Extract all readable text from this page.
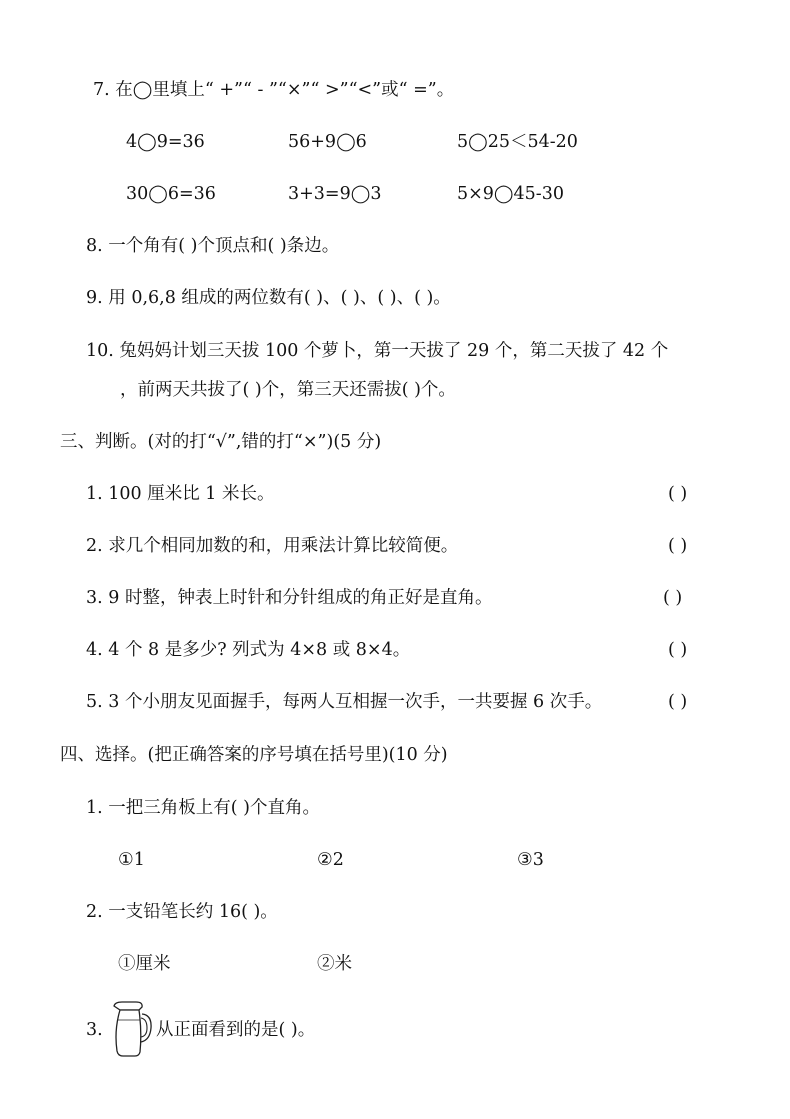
7. 在◯里填上“ +”“ - ”“×”“ >”“<”或“ =”。
4◯9=36	56+9◯6	5◯25＜54-20
30◯6=36	3+3=9◯3	5×9◯45-30
8. 一个角有( )个顶点和( )条边。
9. 用 0,6,8 组成的两位数有( )、( )、( )、( )。
10. 兔妈妈计划三天拔 100 个萝卜，第一天拔了 29 个，第二天拔了 42 个
，前两天共拔了( )个，第三天还需拔( )个。
三、判断。(对的打“√”,错的打“×”)(5 分)
1. 100 厘米比 1 米长。	( )
2. 求几个相同加数的和，用乘法计算比较简便。	( )
3. 9 时整，钟表上时针和分针组成的角正好是直角。	( )
4. 4 个 8 是多少? 列式为 4×8 或 8×4。	( )
5. 3 个小朋友见面握手，每两人互相握一次手，一共要握 6 次手。	( )
四、选择。(把正确答案的序号填在括号里)(10 分)
1. 一把三角板上有( )个直角。
①1	②2	③3
2. 一支铅笔长约 16( )。
①厘米	②米
3.	从正面看到的是( )。
